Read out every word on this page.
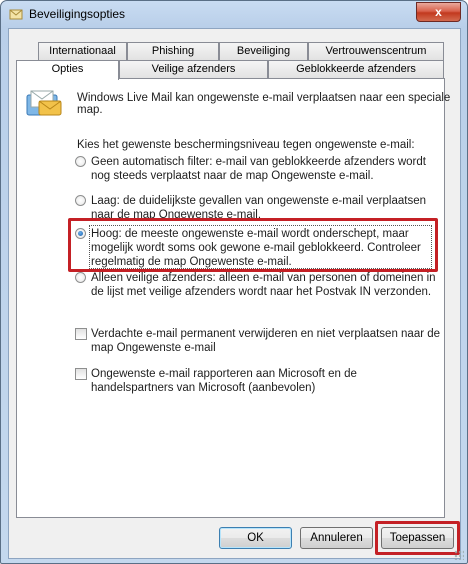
Beveiligingsopties	x
Internationaal	Phishing	Beveiliging	Vertrouwenscentrum
Opties	Veilige afzenders	Geblokkeerde afzenders
Windows Live Mail kan ongewenste e-mail verplaatsen naar een speciale map.
Kies het gewenste beschermingsniveau tegen ongewenste e-mail:
Geen automatisch filter: e-mail van geblokkeerde afzenders wordt nog steeds verplaatst naar de map Ongewenste e-mail.
Laag: de duidelijkste gevallen van ongewenste e-mail verplaatsen naar de map Ongewenste e-mail.
Hoog: de meeste ongewenste e-mail wordt onderschept, maar mogelijk wordt soms ook gewone e-mail geblokkeerd. Controleer regelmatig de map Ongewenste e-mail.
Alleen veilige afzenders: alleen e-mail van personen of domeinen in de lijst met veilige afzenders wordt naar het Postvak IN verzonden.
Verdachte e-mail permanent verwijderen en niet verplaatsen naar de map Ongewenste e-mail
Ongewenste e-mail rapporteren aan Microsoft en de handelspartners van Microsoft (aanbevolen)
OK	Annuleren	Toepassen
